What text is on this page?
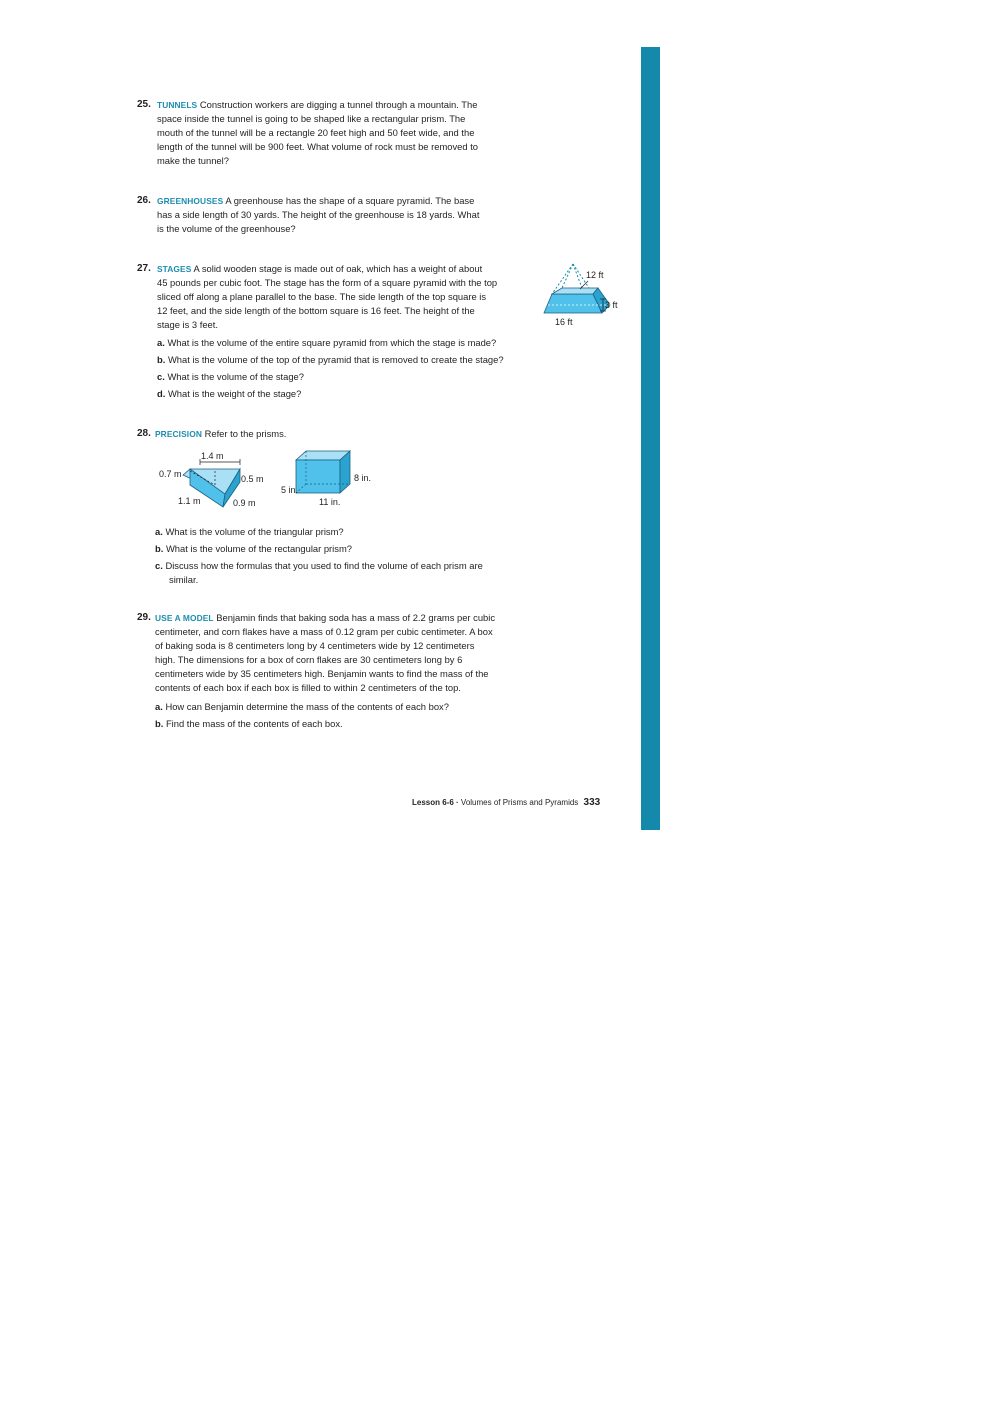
25. TUNNELS Construction workers are digging a tunnel through a mountain. The

space inside the tunnel is going to be shaped like a rectangular prism. The

mouth of the tunnel will be a rectangle 20 feet high and 50 feet wide, and the

length of the tunnel will be 900 feet. What volume of rock must be removed to

make the tunnel?

26. GREENHOUSES A greenhouse has the shape of a square pyramid. The base

has a side length of 30 yards. The height of the greenhouse is 18 yards. What

is the volume of the greenhouse?

27. STAGES A solid wooden stage is made out of oak, which has a weight of about

45 pounds per cubic foot. The stage has the form of a square pyramid with the top

sliced off along a plane parallel to the base. The side length of the top square is

12 feet, and the side length of the bottom square is 16 feet. The height of the

stage is 3 feet.

12 ft
3 ft
16 ft
a. What is the volume of the entire square pyramid from which the stage is made?
b. What is the volume of the top of the pyramid that is removed to create the stage?
c. What is the volume of the stage?
d. What is the weight of the stage?
28. PRECISION Refer to the prisms.
1.4 m
0.7 m	0.5 m
1.1 m	0.9 m
8 in.
5 in.
11 in.
a. What is the volume of the triangular prism?
b. What is the volume of the rectangular prism?
c. Discuss how the formulas that you used to find the volume of each prism are
similar.
29. USE A MODEL Benjamin finds that baking soda has a mass of 2.2 grams per cubic

centimeter, and corn flakes have a mass of 0.12 gram per cubic centimeter. A box

of baking soda is 8 centimeters long by 4 centimeters wide by 12 centimeters

high. The dimensions for a box of corn flakes are 30 centimeters long by 6

centimeters wide by 35 centimeters high. Benjamin wants to find the mass of the

contents of each box if each box is filled to within 2 centimeters of the top.

a. How can Benjamin determine the mass of the contents of each box?
b. Find the mass of the contents of each box.
Lesson 6-6 · Volumes of Prisms and Pyramids 333
